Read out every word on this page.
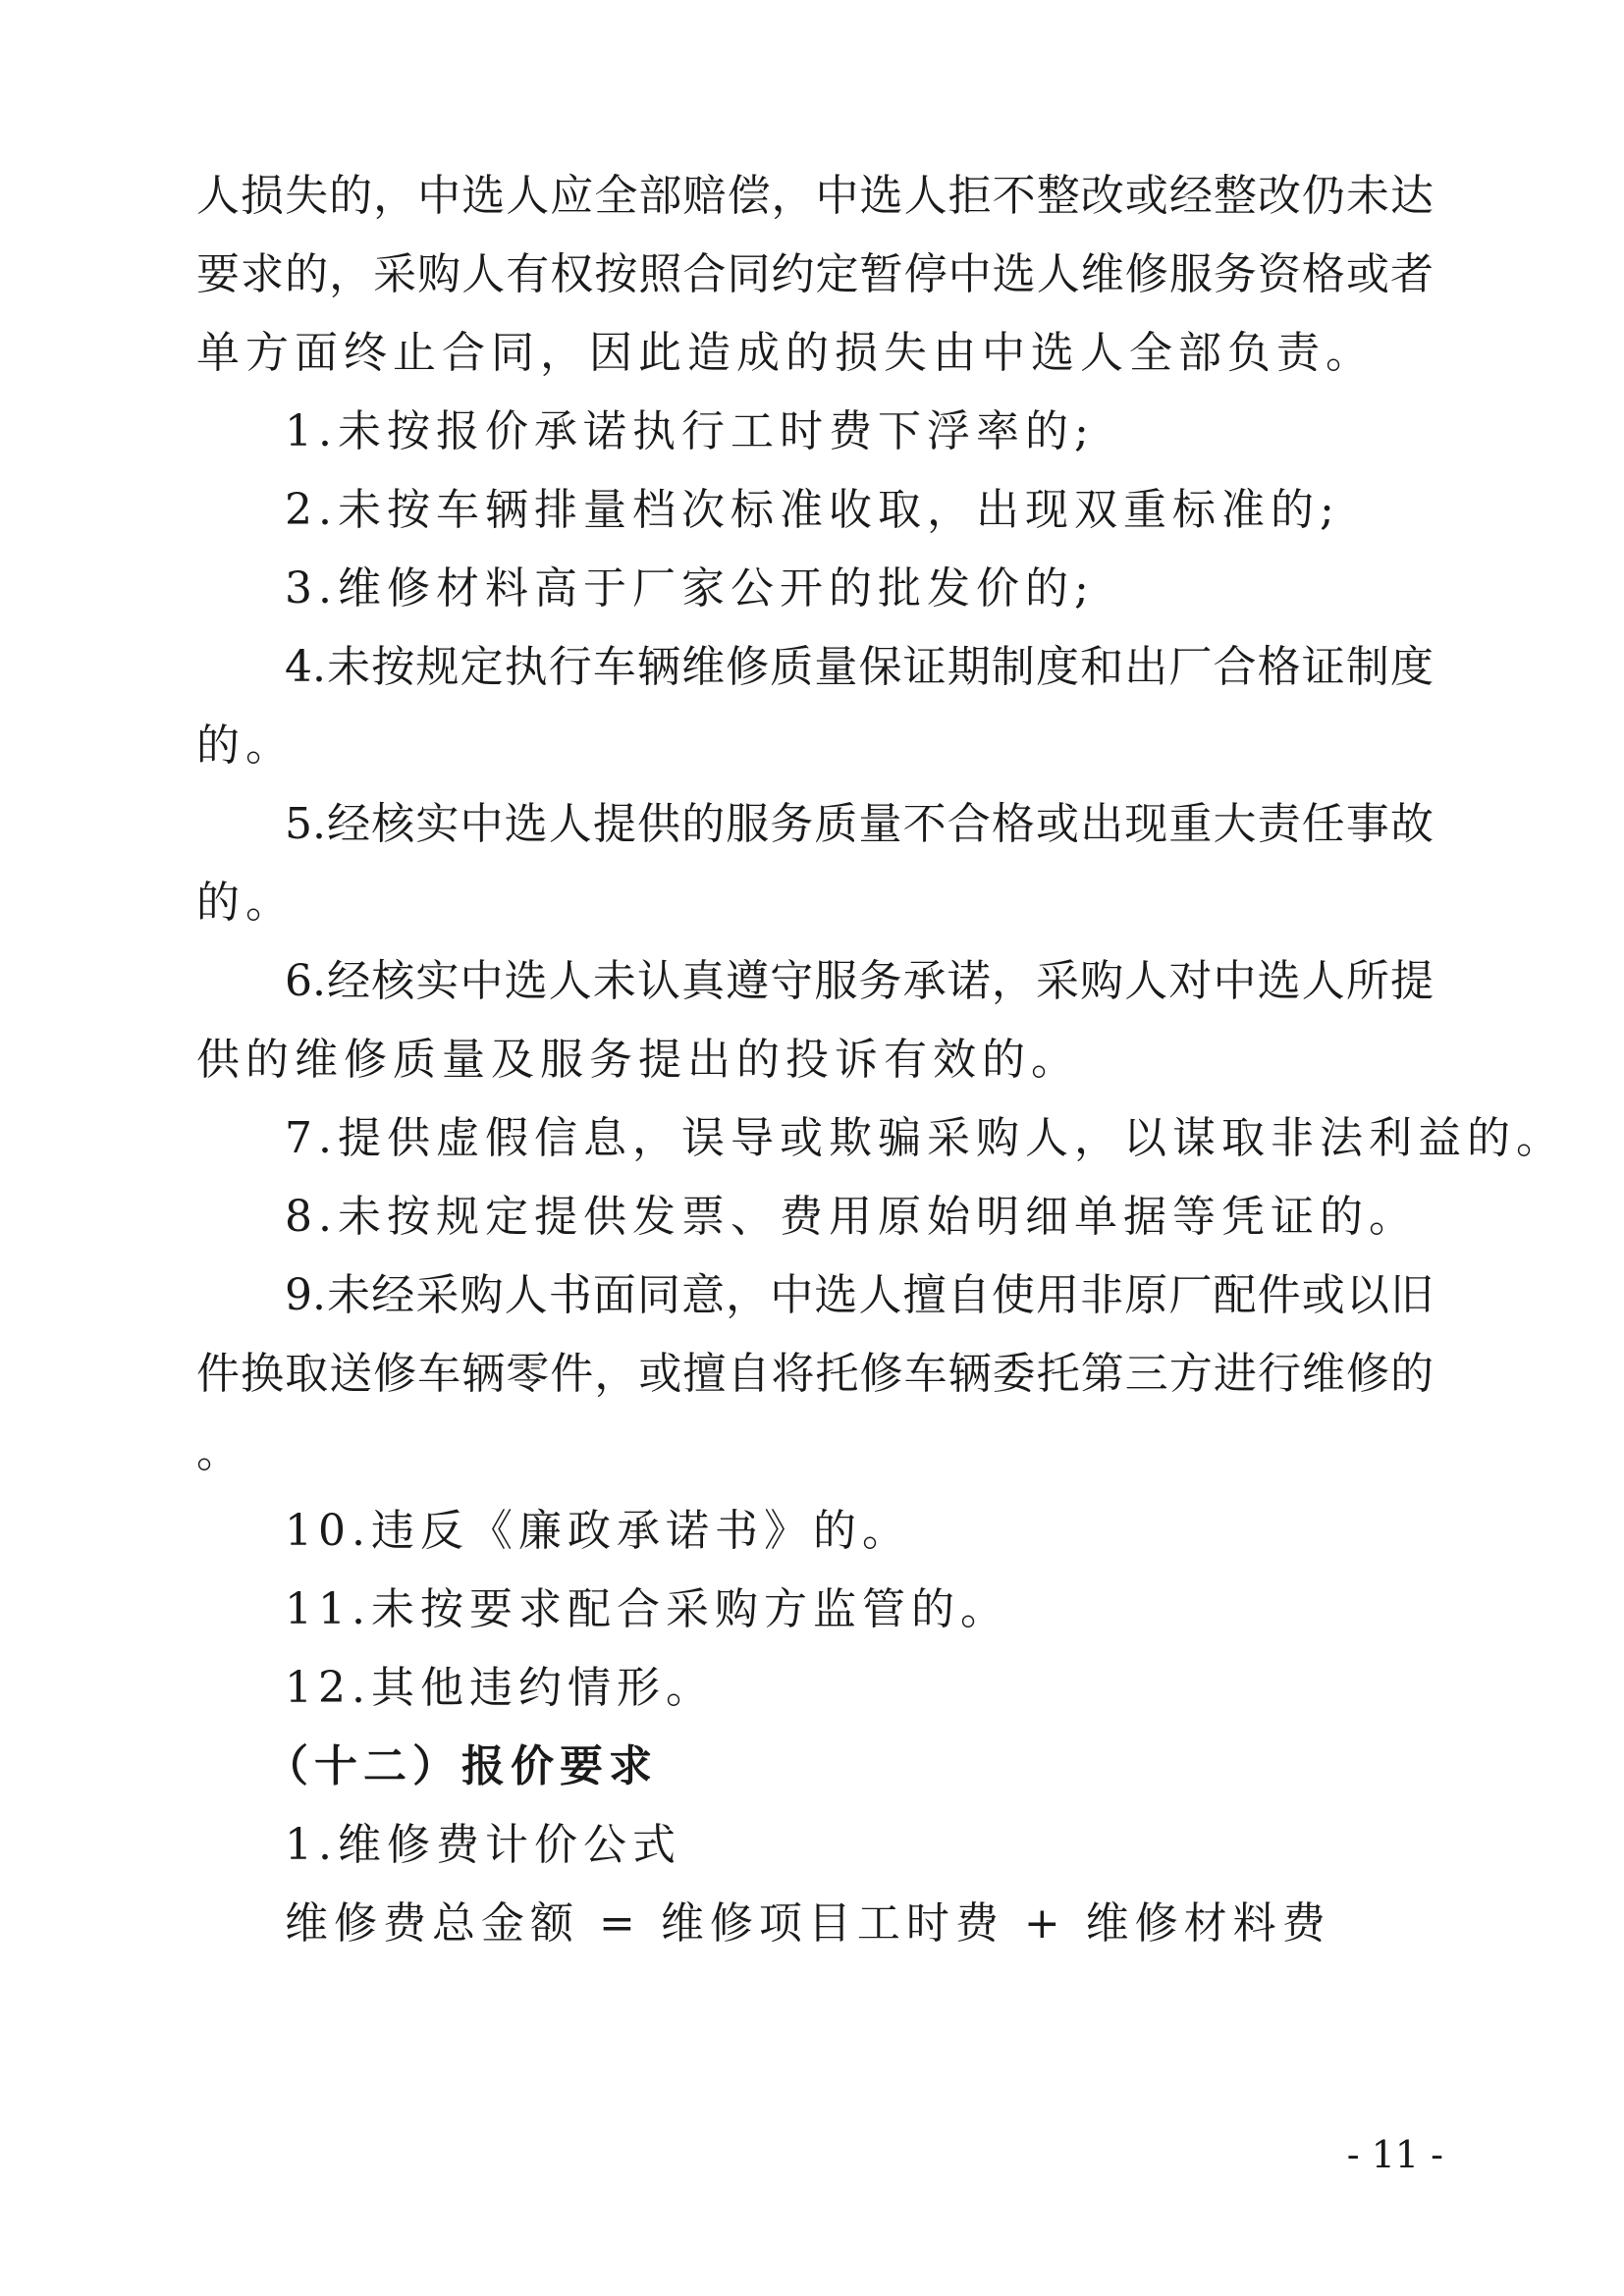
人损失的，中选人应全部赔偿，中选人拒不整改或经整改仍未达
要求的，采购人有权按照合同约定暂停中选人维修服务资格或者
单方面终止合同，因此造成的损失由中选人全部负责。
1.未按报价承诺执行工时费下浮率的;
2.未按车辆排量档次标准收取，出现双重标准的;
3.维修材料高于厂家公开的批发价的;
4.未按规定执行车辆维修质量保证期制度和出厂合格证制度
的。
5.经核实中选人提供的服务质量不合格或出现重大责任事故
的。
6.经核实中选人未认真遵守服务承诺，采购人对中选人所提
供的维修质量及服务提出的投诉有效的。
7.提供虚假信息，误导或欺骗采购人，以谋取非法利益的。
8.未按规定提供发票、费用原始明细单据等凭证的。
9.未经采购人书面同意，中选人擅自使用非原厂配件或以旧
件换取送修车辆零件，或擅自将托修车辆委托第三方进行维修的
。
10.违反《廉政承诺书》的。
11.未按要求配合采购方监管的。
12.其他违约情形。
（十二）报价要求
1.维修费计价公式
维修费总金额 = 维修项目工时费 + 维修材料费
- 11 -
